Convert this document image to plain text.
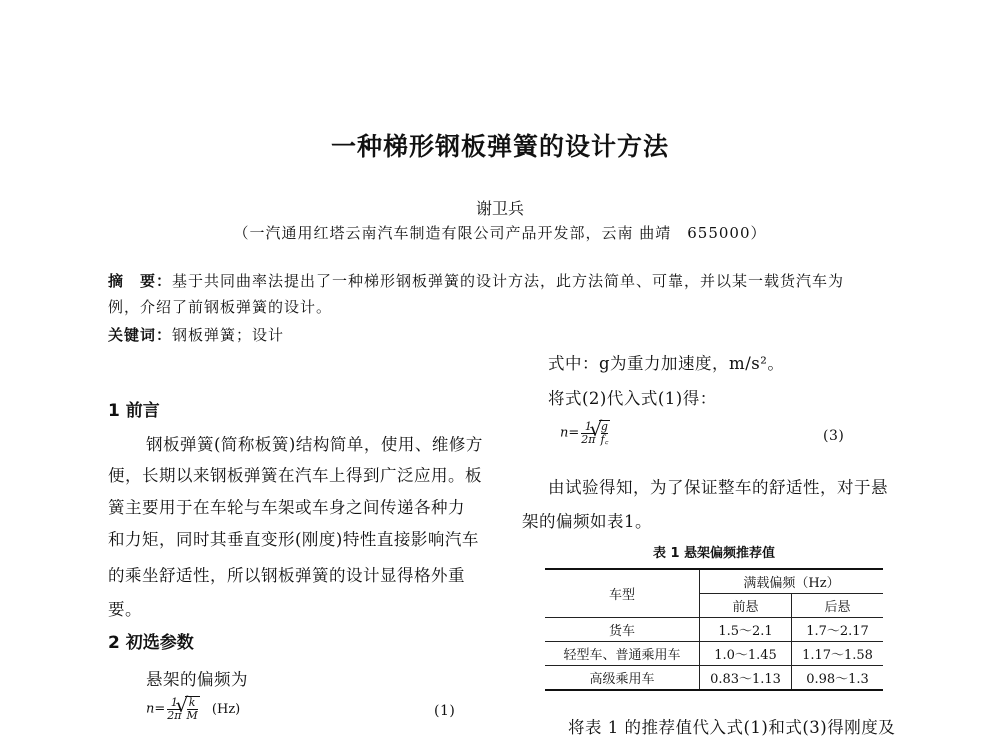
一种梯形钢板弹簧的设计方法
谢卫兵
（一汽通用红塔云南汽车制造有限公司产品开发部，云南 曲靖　655000）
摘　要：基于共同曲率法提出了一种梯形钢板弹簧的设计方法，此方法简单、可靠，并以某一载货汽车为
例，介绍了前钢板弹簧的设计。
关键词：钢板弹簧；设计
1 前言
钢板弹簧(简称板簧)结构简单，使用、维修方
便，长期以来钢板弹簧在汽车上得到广泛应用。板
簧主要用于在车轮与车架或车身之间传递各种力
和力矩，同时其垂直变形(刚度)特性直接影响汽车
的乘坐舒适性，所以钢板弹簧的设计显得格外重
要。
2 初选参数
悬架的偏频为
$n= \frac{1}{2\pi}$ √ $\frac{k}{M} (Hz)$	(1)
式中：g为重力加速度，m/s²。
将式(2)代入式(1)得：
$n= \frac{1}{2\pi}$ √ $\frac{g}{f꜀}$	(3)
由试验得知，为了保证整车的舒适性，对于悬
架的偏频如表1。
表 1 悬架偏频推荐值
车型	满载偏频（Hz）	
	前悬	后悬
货车	1.5～2.1	1.7～2.17
轻型车、普通乘用车	1.0～1.45	1.17～1.58
高级乘用车	0.83～1.13	0.98～1.3
将表 1 的推荐值代入式(1)和式(3)得刚度及
